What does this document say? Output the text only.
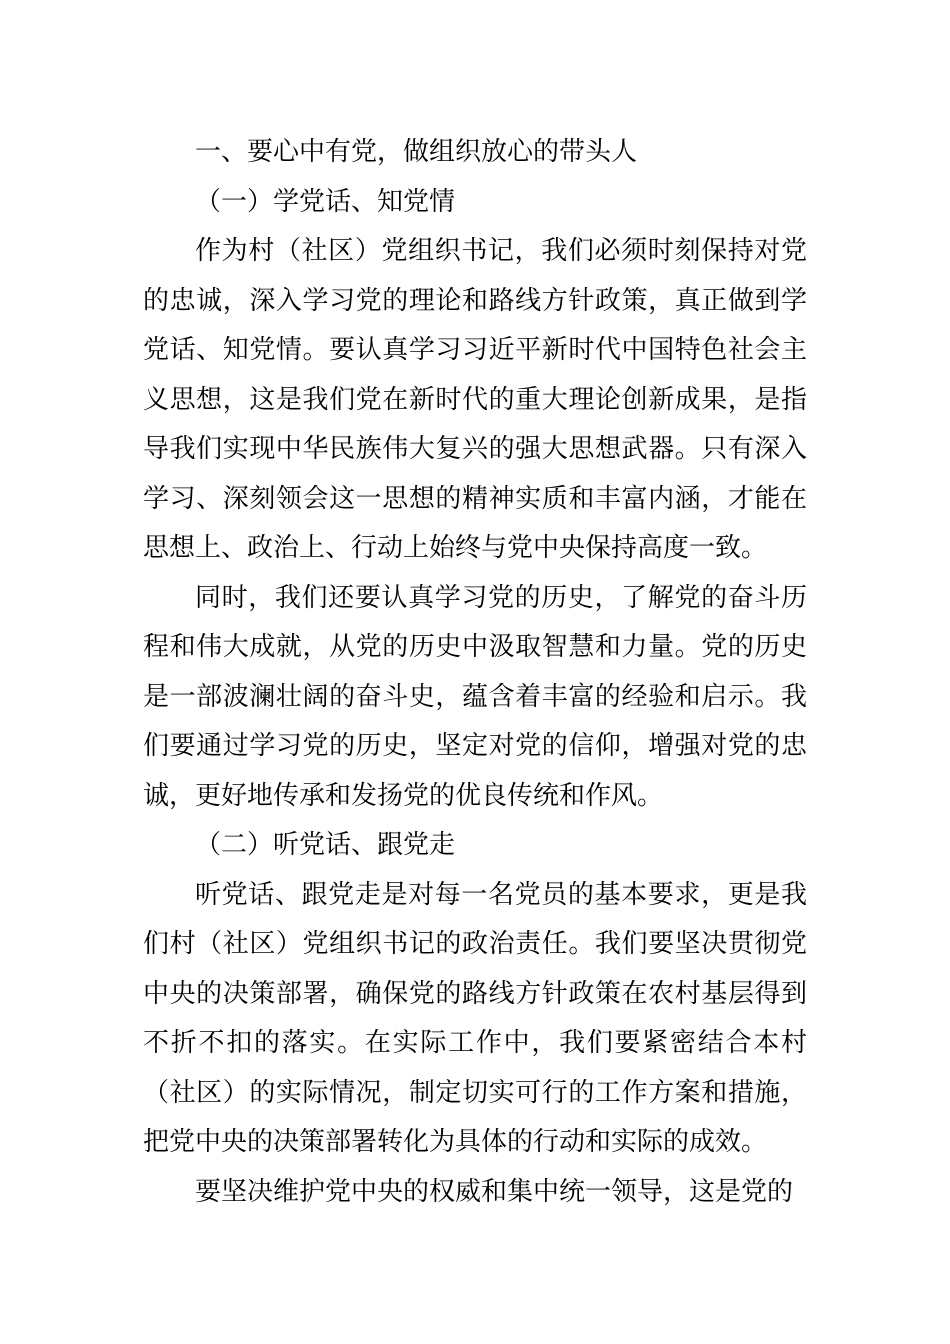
一、要心中有党，做组织放心的带头人

（一）学党话、知党情

作为村（社区）党组织书记，我们必须时刻保持对党的忠诚，深入学习党的理论和路线方针政策，真正做到学党话、知党情。要认真学习习近平新时代中国特色社会主义思想，这是我们党在新时代的重大理论创新成果，是指导我们实现中华民族伟大复兴的强大思想武器。只有深入学习、深刻领会这一思想的精神实质和丰富内涵，才能在思想上、政治上、行动上始终与党中央保持高度一致。

同时，我们还要认真学习党的历史，了解党的奋斗历程和伟大成就，从党的历史中汲取智慧和力量。党的历史是一部波澜壮阔的奋斗史，蕴含着丰富的经验和启示。我们要通过学习党的历史，坚定对党的信仰，增强对党的忠诚，更好地传承和发扬党的优良传统和作风。

（二）听党话、跟党走

听党话、跟党走是对每一名党员的基本要求，更是我们村（社区）党组织书记的政治责任。我们要坚决贯彻党中央的决策部署，确保党的路线方针政策在农村基层得到不折不扣的落实。在实际工作中，我们要紧密结合本村（社区）的实际情况，制定切实可行的工作方案和措施，把党中央的决策部署转化为具体的行动和实际的成效。

要坚决维护党中央的权威和集中统一领导，这是党的
